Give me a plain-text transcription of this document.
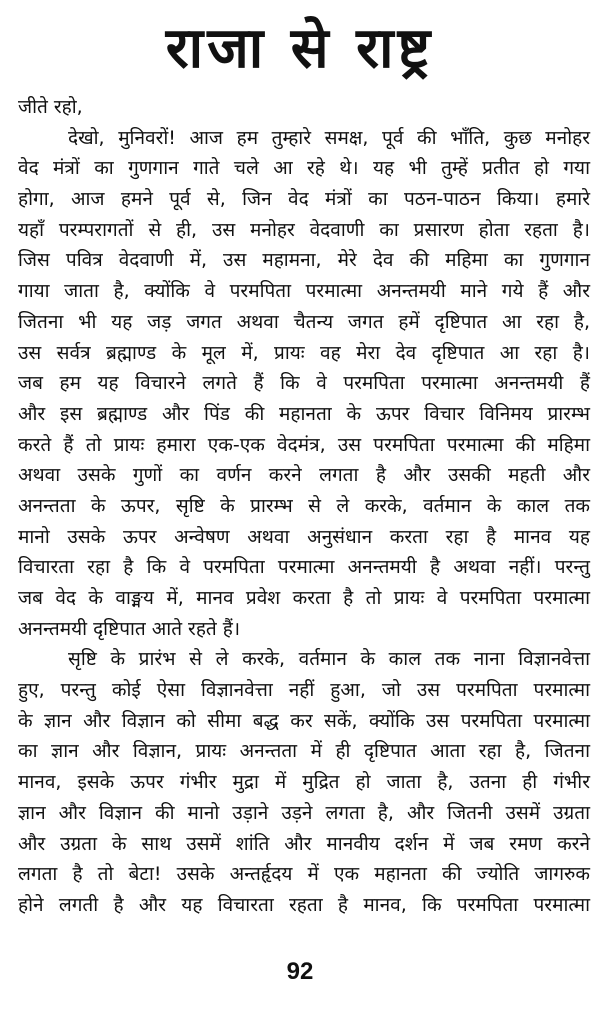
राजा से राष्ट्र
जीते रहो,
देखो, मुनिवरों! आज हम तुम्हारे समक्ष, पूर्व की भाँति, कुछ मनोहर
वेद मंत्रों का गुणगान गाते चले आ रहे थे। यह भी तुम्हें प्रतीत हो गया
होगा, आज हमने पूर्व से, जिन वेद मंत्रों का पठन-पाठन किया। हमारे
यहाँ परम्परागतों से ही, उस मनोहर वेदवाणी का प्रसारण होता रहता है।
जिस पवित्र वेदवाणी में, उस महामना, मेरे देव की महिमा का गुणगान
गाया जाता है, क्योंकि वे परमपिता परमात्मा अनन्तमयी माने गये हैं और
जितना भी यह जड़ जगत अथवा चैतन्य जगत हमें दृष्टिपात आ रहा है,
उस सर्वत्र ब्रह्माण्ड के मूल में, प्रायः वह मेरा देव दृष्टिपात आ रहा है।
जब हम यह विचारने लगते हैं कि वे परमपिता परमात्मा अनन्तमयी हैं
और इस ब्रह्माण्ड और पिंड की महानता के ऊपर विचार विनिमय प्रारम्भ
करते हैं तो प्रायः हमारा एक-एक वेदमंत्र, उस परमपिता परमात्मा की महिमा
अथवा उसके गुणों का वर्णन करने लगता है और उसकी महती और
अनन्तता के ऊपर, सृष्टि के प्रारम्भ से ले करके, वर्तमान के काल तक
मानो उसके ऊपर अन्वेषण अथवा अनुसंधान करता रहा है मानव यह
विचारता रहा है कि वे परमपिता परमात्मा अनन्तमयी है अथवा नहीं। परन्तु
जब वेद के वाङ्मय में, मानव प्रवेश करता है तो प्रायः वे परमपिता परमात्मा
अनन्तमयी दृष्टिपात आते रहते हैं।
सृष्टि के प्रारंभ से ले करके, वर्तमान के काल तक नाना विज्ञानवेत्ता
हुए, परन्तु कोई ऐसा विज्ञानवेत्ता नहीं हुआ, जो उस परमपिता परमात्मा
के ज्ञान और विज्ञान को सीमा बद्ध कर सकें, क्योंकि उस परमपिता परमात्मा
का ज्ञान और विज्ञान, प्रायः अनन्तता में ही दृष्टिपात आता रहा है, जितना
मानव, इसके ऊपर गंभीर मुद्रा में मुद्रित हो जाता है, उतना ही गंभीर
ज्ञान और विज्ञान की मानो उड़ाने उड़ने लगता है, और जितनी उसमें उग्रता
और उग्रता के साथ उसमें शांति और मानवीय दर्शन में जब रमण करने
लगता है तो बेटा! उसके अन्तर्हृदय में एक महानता की ज्योति जागरुक
होने लगती है और यह विचारता रहता है मानव, कि परमपिता परमात्मा
92
